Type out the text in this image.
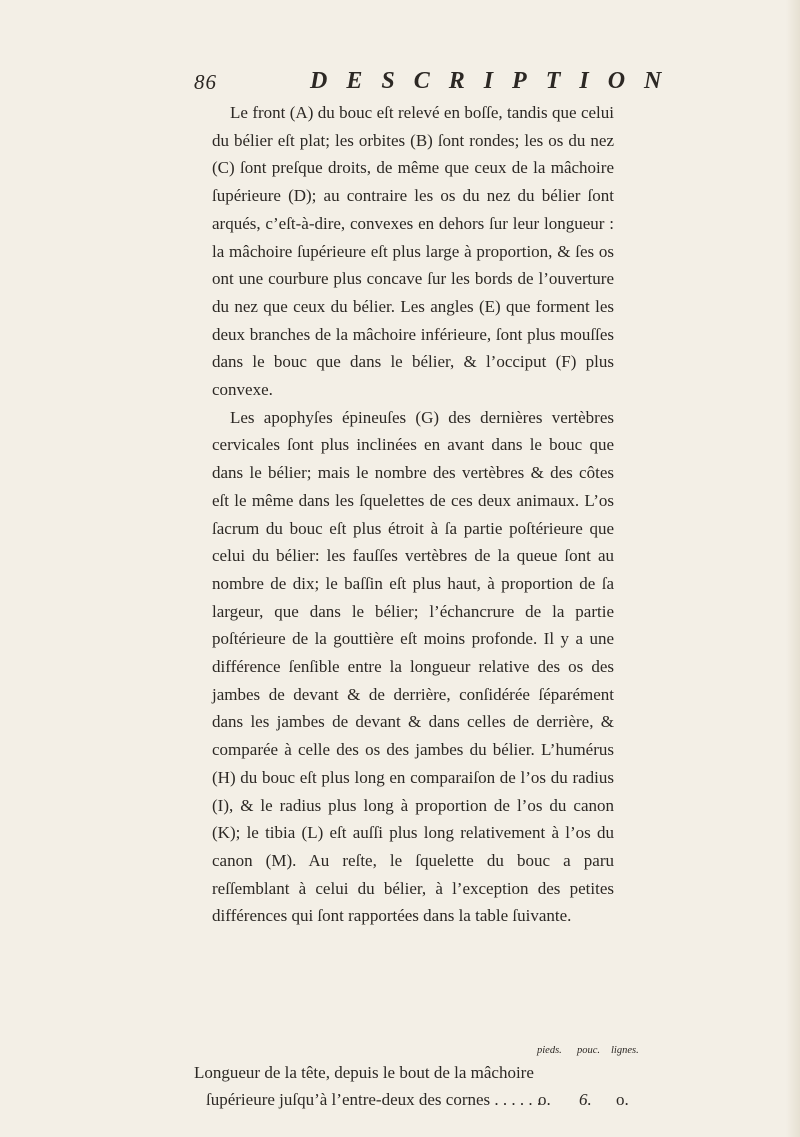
86	DESCRIPTION

Le front (A) du bouc eſt relevé en boſſe, tandis que celui du bélier eſt plat; les orbites (B) ſont rondes; les os du nez (C) ſont preſque droits, de même que ceux de la mâchoire ſupérieure (D); au contraire les os du nez du bélier ſont arqués, c’eſt-à-dire, convexes en dehors ſur leur longueur : la mâchoire ſupérieure eſt plus large à proportion, & ſes os ont une courbure plus concave ſur les bords de l’ouverture du nez que ceux du bélier. Les angles (E) que forment les deux branches de la mâchoire inférieure, ſont plus mouſſes dans le bouc que dans le bélier, & l’occiput (F) plus convexe.

Les apophyſes épineuſes (G) des dernières vertèbres cervicales ſont plus inclinées en avant dans le bouc que dans le bélier; mais le nombre des vertèbres & des côtes eſt le même dans les ſquelettes de ces deux animaux. L’os ſacrum du bouc eſt plus étroit à ſa partie poſtérieure que celui du bélier: les fauſſes vertèbres de la queue ſont au nombre de dix; le baſſin eſt plus haut, à proportion de ſa largeur, que dans le bélier; l’échancrure de la partie poſtérieure de la gouttière eſt moins profonde. Il y a une différence ſenſible entre la longueur relative des os des jambes de devant & de derrière, conſidérée ſéparément dans les jambes de devant & dans celles de derrière, & comparée à celle des os des jambes du bélier. L’humérus (H) du bouc eſt plus long en comparaiſon de l’os du radius (I), & le radius plus long à proportion de l’os du canon (K); le tibia (L) eſt auſſi plus long relativement à l’os du canon (M). Au reſte, le ſquelette du bouc a paru reſſemblant à celui du bélier, à l’exception des petites différences qui ſont rapportées dans la table ſuivante.

pieds. pouc. lignes.
Longueur de la tête, depuis le bout de la mâchoire
ſupérieure juſqu’à l’entre-deux des cornes . . . . . .
o. 6. o.
